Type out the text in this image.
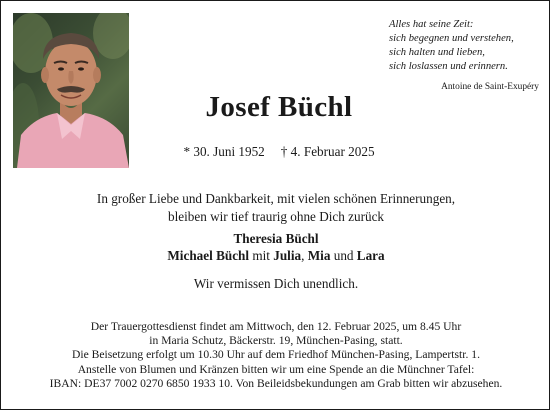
Alles hat seine Zeit:
sich begegnen und verstehen,
sich halten und lieben,
sich loslassen und erinnern.
Antoine de Saint-Exupéry
Josef Büchl
* 30. Juni 1952 † 4. Februar 2025
In großer Liebe und Dankbarkeit, mit vielen schönen Erinnerungen,
bleiben wir tief traurig ohne Dich zurück
Theresia Büchl
Michael Büchl mit Julia, Mia und Lara
Wir vermissen Dich unendlich.
Der Trauergottesdienst findet am Mittwoch, den 12. Februar 2025, um 8.45 Uhr
in Maria Schutz, Bäckerstr. 19, München-Pasing, statt.
Die Beisetzung erfolgt um 10.30 Uhr auf dem Friedhof München-Pasing, Lampertstr. 1.
Anstelle von Blumen und Kränzen bitten wir um eine Spende an die Münchner Tafel:
IBAN: DE37 7002 0270 6850 1933 10. Von Beileidsbekundungen am Grab bitten wir abzusehen.
